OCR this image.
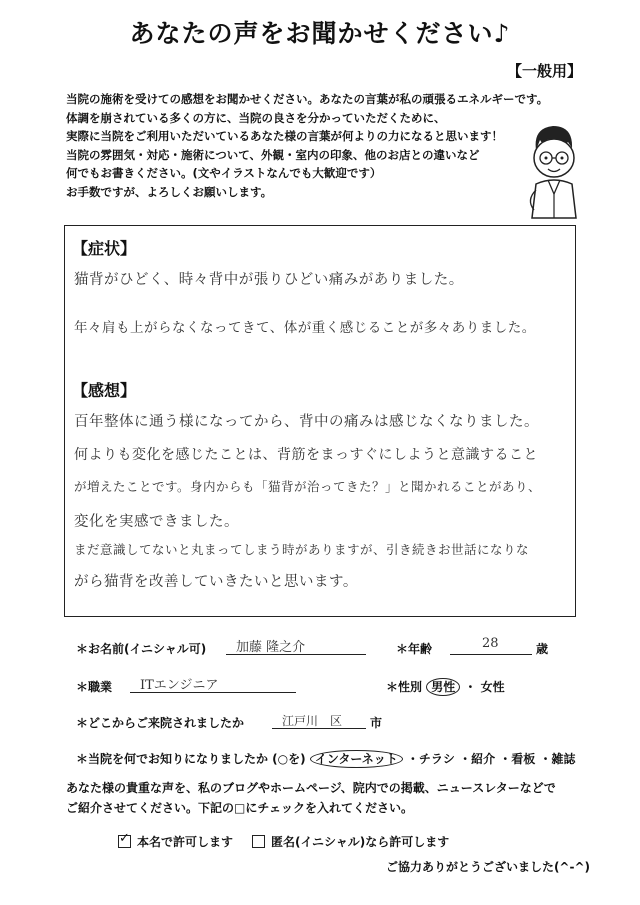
あなたの声をお聞かせください♪
【一般用】
当院の施術を受けての感想をお聞かせください。あなたの言葉が私の頑張るエネルギーです。
体調を崩されている多くの方に、当院の良さを分かっていただくために、
実際に当院をご利用いただいているあなた様の言葉が何よりの力になると思います！
当院の雰囲気・対応・施術について、外観・室内の印象、他のお店との違いなど
何でもお書きください。(文やイラストなんでも大歓迎です）
お手数ですが、よろしくお願いします。
【症状】
猫背がひどく、時々背中が張りひどい痛みがありました。
年々肩も上がらなくなってきて、体が重く感じることが多々ありました。
【感想】
百年整体に通う様になってから、背中の痛みは感じなくなりました。
何よりも変化を感じたことは、背筋をまっすぐにしようと意識すること
が増えたことです。身内からも「猫背が治ってきた？」と聞かれることがあり、
変化を実感できました。
まだ意識してないと丸まってしまう時がありますが、引き続きお世話になりな
がら猫背を改善していきたいと思います。
＊お名前(イニシャル可) 加藤 隆之介	＊年齢	28	歳
＊職業 ITエンジニア	＊性別 男性 ・ 女性
＊どこからご来院されましたか	江戸川　区 市
＊当院を何でお知りになりましたか (○を) インターネット ・チラシ ・紹介 ・看板 ・雑誌
あなた様の貴重な声を、私のブログやホームページ、院内での掲載、ニュースレターなどで
ご紹介させてください。下記の□にチェックを入れてください。
✓ 本名で許可します	匿名(イニシャル)なら許可します
ご協力ありがとうございました(^-^)
